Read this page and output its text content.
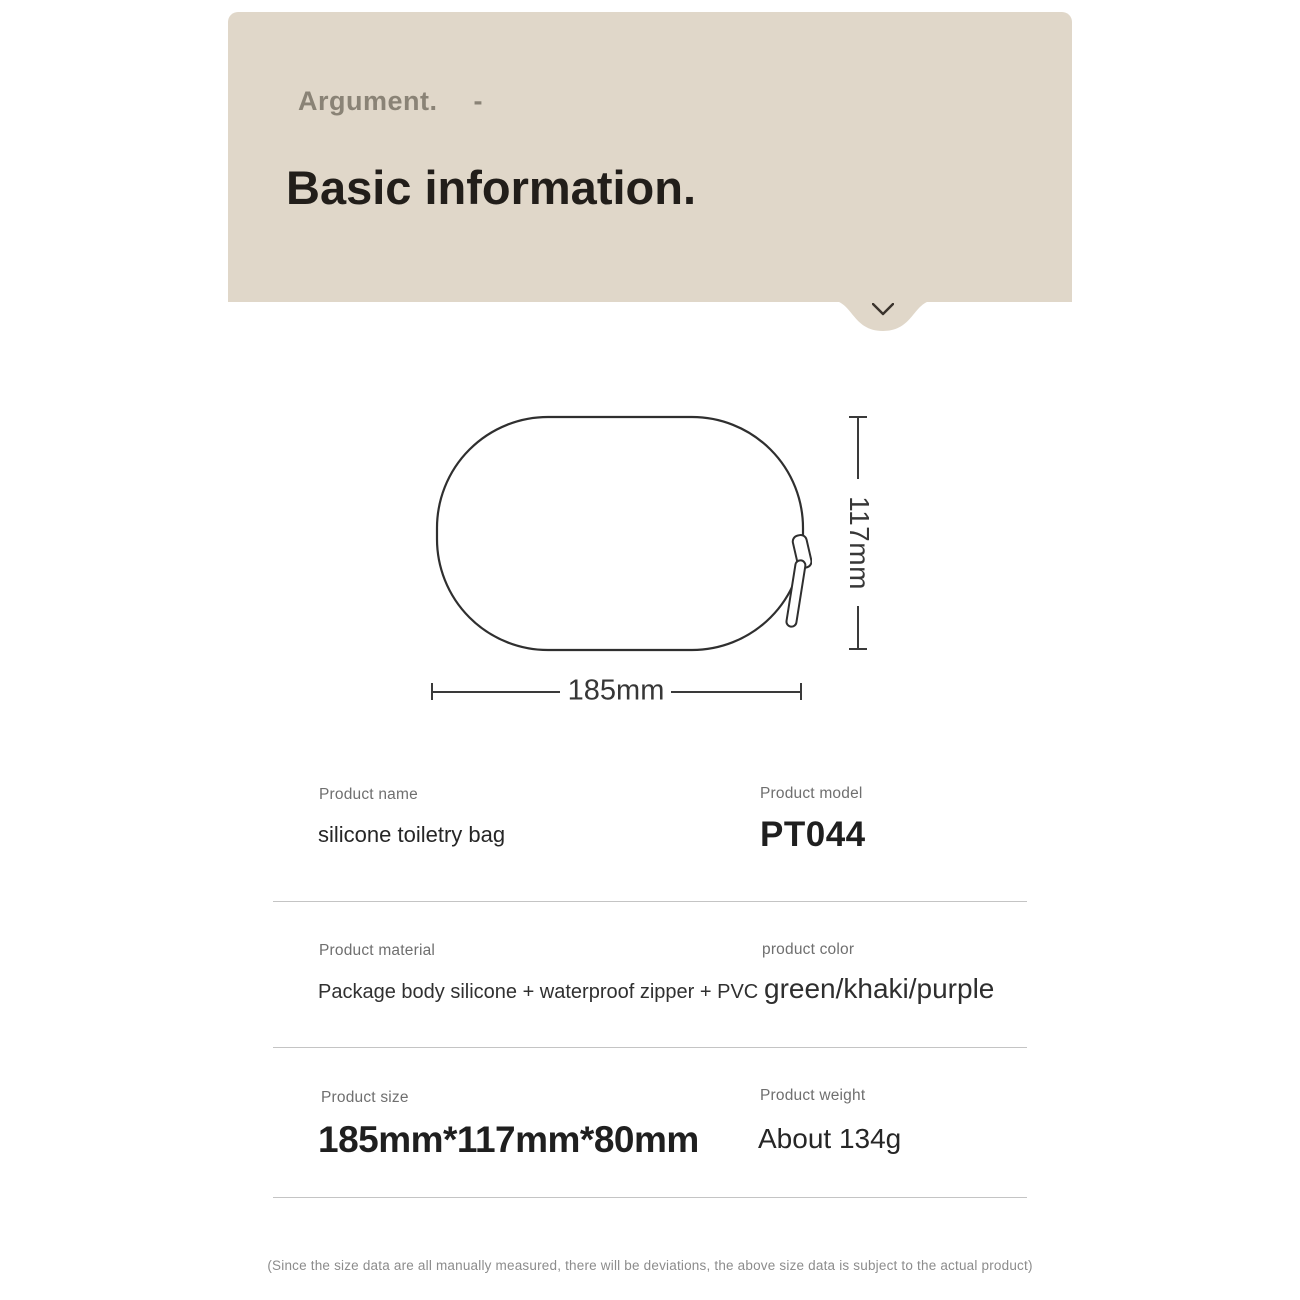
Argument. -
Basic information.
117mm
185mm
Product name
silicone toiletry bag
Product model
PT044
Product material
Package body silicone + waterproof zipper + PVC
product color
green/khaki/purple
Product size
185mm*117mm*80mm
Product weight
About 134g
(Since the size data are all manually measured, there will be deviations, the above size data is subject to the actual product)
